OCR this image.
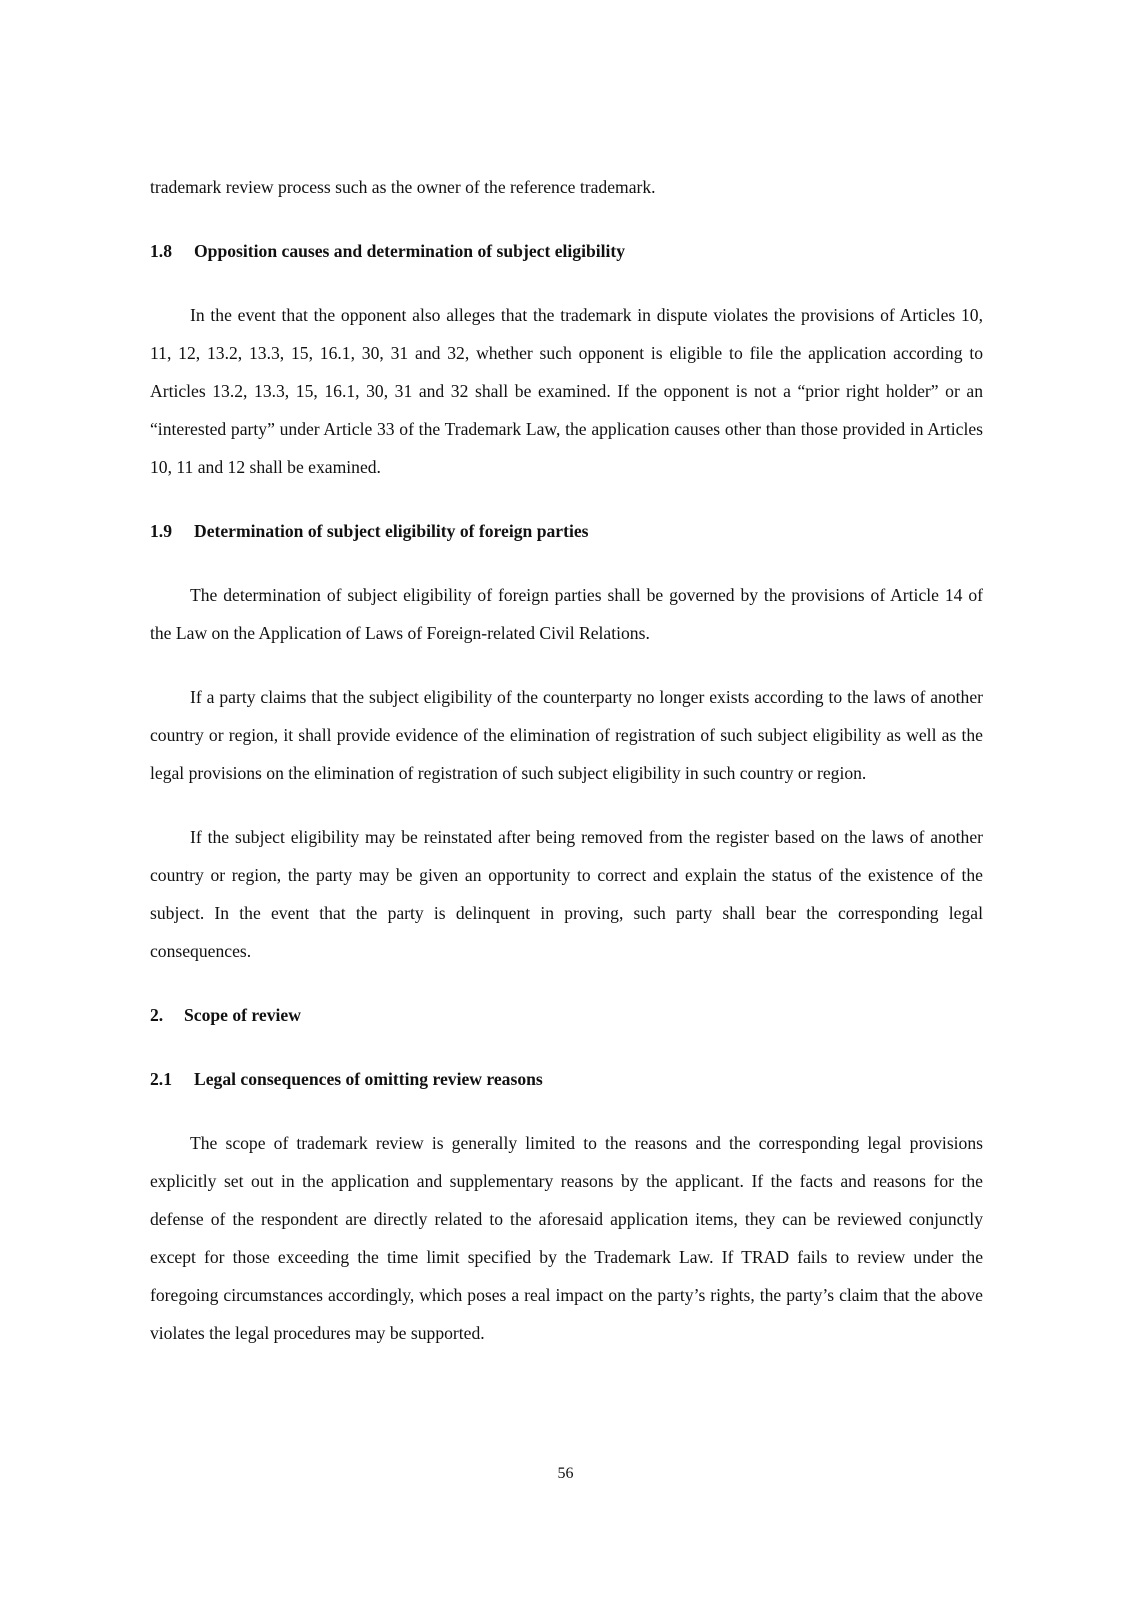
trademark review process such as the owner of the reference trademark.

1.8 Opposition causes and determination of subject eligibility

In the event that the opponent also alleges that the trademark in dispute violates the provisions of Articles 10, 11, 12, 13.2, 13.3, 15, 16.1, 30, 31 and 32, whether such opponent is eligible to file the application according to Articles 13.2, 13.3, 15, 16.1, 30, 31 and 32 shall be examined. If the opponent is not a “prior right holder” or an “interested party” under Article 33 of the Trademark Law, the application causes other than those provided in Articles 10, 11 and 12 shall be examined.

1.9 Determination of subject eligibility of foreign parties

The determination of subject eligibility of foreign parties shall be governed by the provisions of Article 14 of the Law on the Application of Laws of Foreign-related Civil Relations.

If a party claims that the subject eligibility of the counterparty no longer exists according to the laws of another country or region, it shall provide evidence of the elimination of registration of such subject eligibility as well as the legal provisions on the elimination of registration of such subject eligibility in such country or region.

If the subject eligibility may be reinstated after being removed from the register based on the laws of another country or region, the party may be given an opportunity to correct and explain the status of the existence of the subject. In the event that the party is delinquent in proving, such party shall bear the corresponding legal consequences.

2. Scope of review
2.1 Legal consequences of omitting review reasons

The scope of trademark review is generally limited to the reasons and the corresponding legal provisions explicitly set out in the application and supplementary reasons by the applicant. If the facts and reasons for the defense of the respondent are directly related to the aforesaid application items, they can be reviewed conjunctly except for those exceeding the time limit specified by the Trademark Law. If TRAD fails to review under the foregoing circumstances accordingly, which poses a real impact on the party’s rights, the party’s claim that the above violates the legal procedures may be supported.

56
